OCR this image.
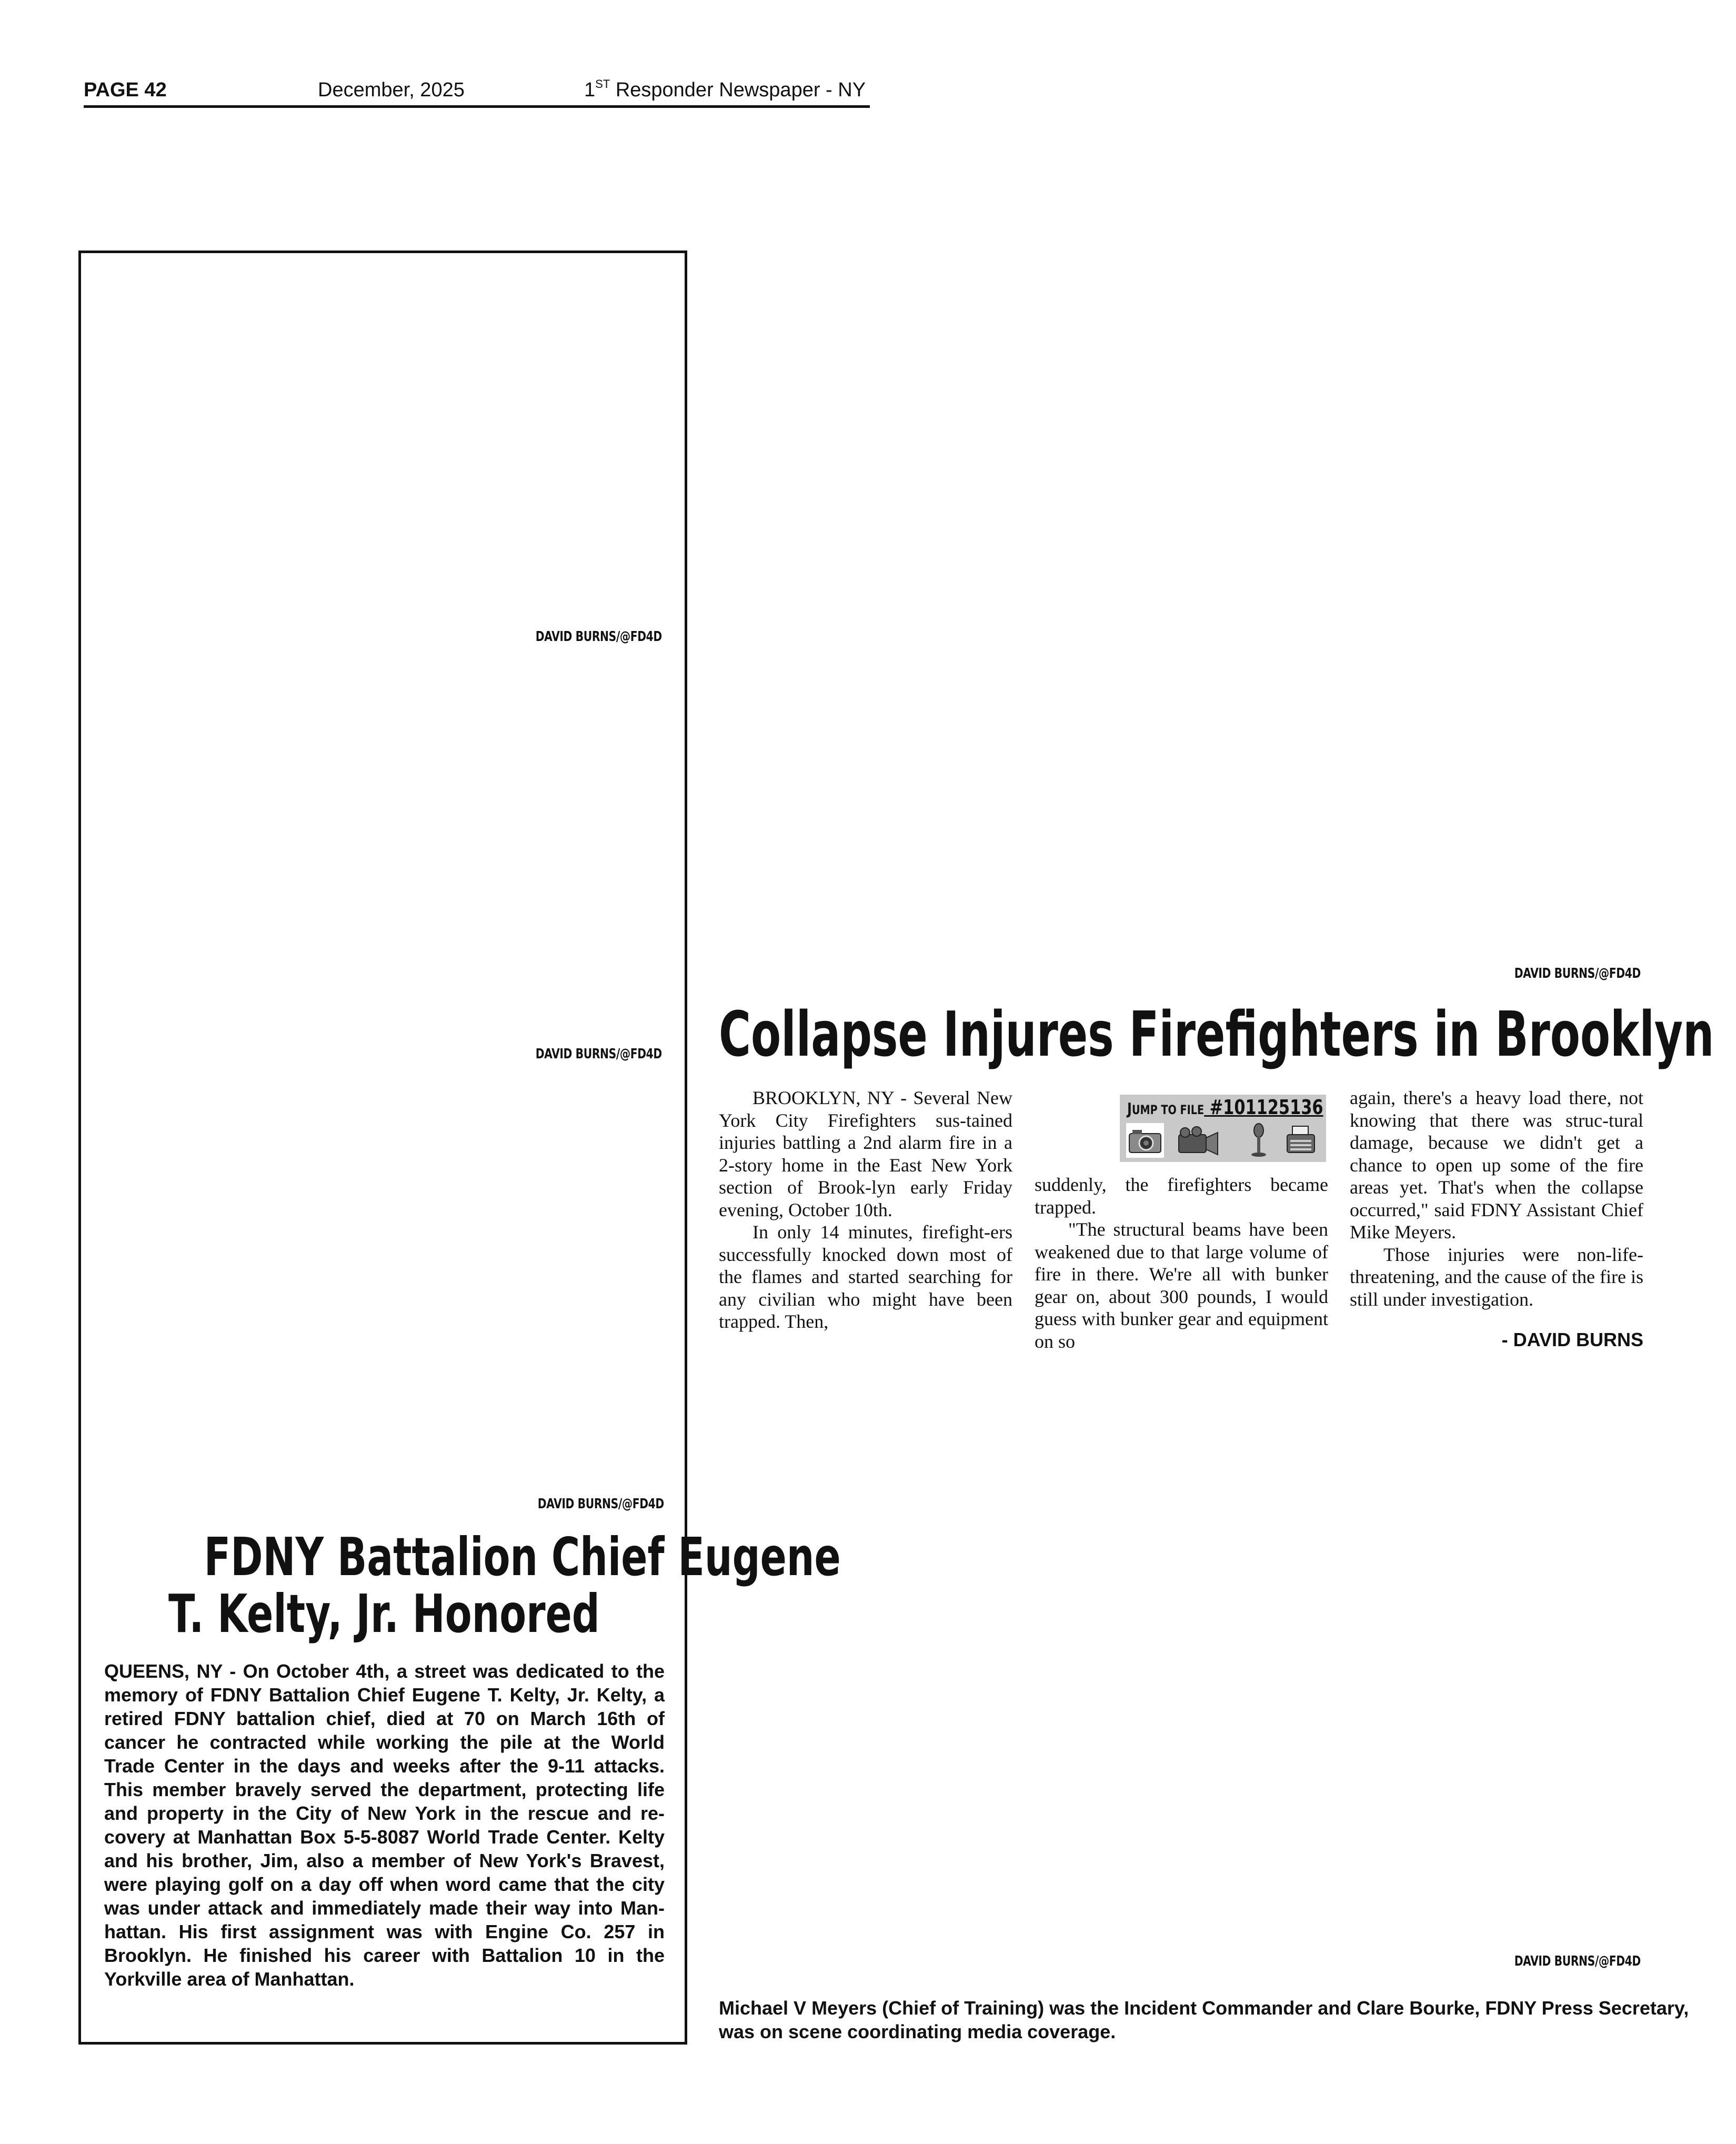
PAGE 42	December, 2025	1ST Responder Newspaper - NY
DAVID BURNS/@FD4D
DAVID BURNS/@FD4D
DAVID BURNS/@FD4D
FDNY Battalion Chief Eugene
T. Kelty, Jr. Honored
QUEENS, NY - On October 4th, a street was dedicated to the memory of FDNY Battalion Chief Eugene T. Kelty, Jr. Kelty, a retired FDNY battalion chief, died at 70 on March 16th of cancer he contracted while working the pile at the World Trade Center in the days and weeks after the 9-11 attacks. This member bravely served the department, protecting life and property in the City of New York in the rescue and re-covery at Manhattan Box 5-5-8087 World Trade Center. Kelty and his brother, Jim, also a member of New York's Bravest, were playing golf on a day off when word came that the city was under attack and immediately made their way into Man-hattan. His first assignment was with Engine Co. 257 in Brooklyn. He finished his career with Battalion 10 in the Yorkville area of Manhattan.
DAVID BURNS/@FD4D
Collapse Injures Firefighters in Brooklyn

BROOKLYN, NY - Several New York City Firefighters sus-tained injuries battling a 2nd alarm fire in a 2-story home in the East New York section of Brook-lyn early Friday evening, October 10th.

In only 14 minutes, firefight-ers successfully knocked down most of the flames and started searching for any civilian who might have been trapped. Then,

JUMP TO FILE #101125136

suddenly, the firefighters became trapped.

"The structural beams have been weakened due to that large volume of fire in there. We're all with bunker gear on, about 300 pounds, I would guess with bunker gear and equipment on so

again, there's a heavy load there, not knowing that there was struc-tural damage, because we didn't get a chance to open up some of the fire areas yet. That's when the collapse occurred," said FDNY Assistant Chief Mike Meyers.

Those injuries were non-life-threatening, and the cause of the fire is still under investigation.

- DAVID BURNS
DAVID BURNS/@FD4D
Michael V Meyers (Chief of Training) was the Incident Commander and Clare Bourke, FDNY Press Secretary, was on scene coordinating media coverage.
